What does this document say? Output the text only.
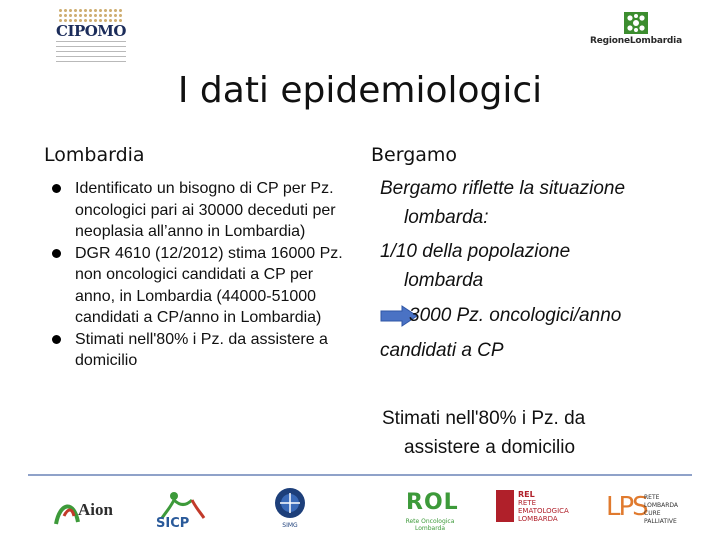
CIPOMO
RegioneLombardia
I dati epidemiologici
Lombardia
Identificato un bisogno di CP per Pz. oncologici pari ai 30000 deceduti per neoplasia all’anno in Lombardia)
DGR 4610 (12/2012) stima 16000 Pz. non oncologici candidati a CP per anno, in Lombardia (44000-51000 candidati a CP/anno in Lombardia)
Stimati nell'80% i Pz. da assistere a domicilio
Bergamo
Bergamo riflette la situazione
lombarda:
1/10 della popolazione
lombarda
3000 Pz. oncologici/anno
candidati a CP
Stimati nell'80% i Pz. da
assistere a domicilio
Aion
SICP	SIMG
ROL
Rete Oncologica Lombarda
REL
RETE
EMATOLOGICA
LOMBARDA LPS
RETE LOMBARDA CURE PALLIATIVE
